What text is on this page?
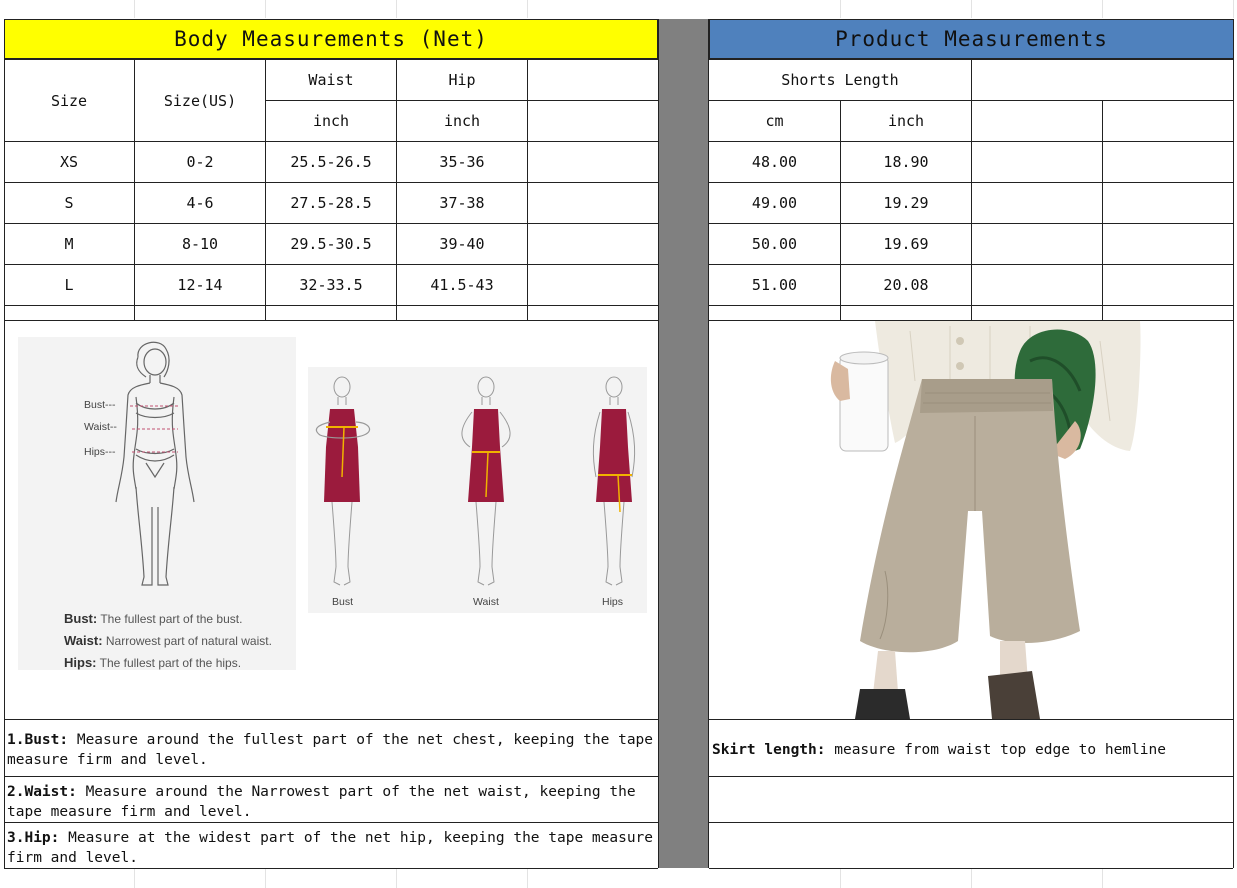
Body Measurements (Net)	Product Measurements
Size	Size(US)
Waist	Hip
inch	inch
Shorts Length
cm	inch
XS	0-2	25.5-26.5	35-36	48.00	18.90
S	4-6	27.5-28.5	37-38	49.00	19.29
M	8-10	29.5-30.5	39-40	50.00	19.69
L	12-14	32-33.5	41.5-43	51.00	20.08
Bust---
Waist--
Hips---
Bust: The fullest part of the bust.
Waist: Narrowest part of natural waist.
Hips: The fullest part of the hips.
Bust	Waist	Hips
1.Bust: Measure around the fullest part of the net chest, keeping the tape measure firm and level.
2.Waist: Measure around the Narrowest part of the net waist, keeping the tape measure firm and level.
3.Hip: Measure at the widest part of the net hip, keeping the tape measure firm and level.
Skirt length: measure from waist top edge to hemline
